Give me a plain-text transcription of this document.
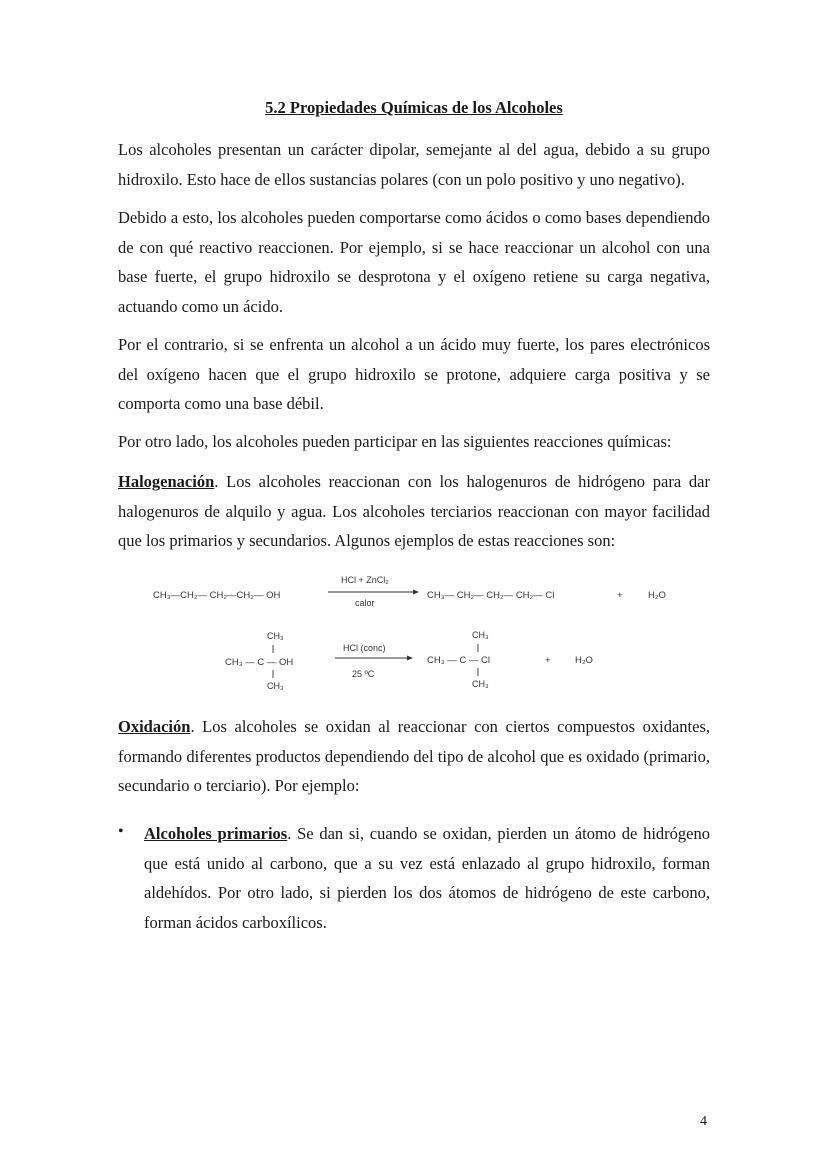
5.2 Propiedades Químicas de los Alcoholes

Los alcoholes presentan un carácter dipolar, semejante al del agua, debido a su grupo hidroxilo. Esto hace de ellos sustancias polares (con un polo positivo y uno negativo).

Debido a esto, los alcoholes pueden comportarse como ácidos o como bases dependiendo de con qué reactivo reaccionen. Por ejemplo, si se hace reaccionar un alcohol con una base fuerte, el grupo hidroxilo se desprotona y el oxígeno retiene su carga negativa, actuando como un ácido.

Por el contrario, si se enfrenta un alcohol a un ácido muy fuerte, los pares electrónicos del oxígeno hacen que el grupo hidroxilo se protone, adquiere carga positiva y se comporta como una base débil.

Por otro lado, los alcoholes pueden participar en las siguientes reacciones químicas:

Halogenación. Los alcoholes reaccionan con los halogenuros de hidrógeno para dar halogenuros de alquilo y agua. Los alcoholes terciarios reaccionan con mayor facilidad que los primarios y secundarios. Algunos ejemplos de estas reacciones son:

CH₃—CH₂— CH₂—CH₂— OH
HCl + ZnCl₂
calor
CH₃— CH₂— CH₂— CH₂— Cl	+	H₂O
CH₃
CH₃ — C — OH
CH₃
HCl (conc)
25 ºC
CH₃
CH₃ — C — Cl
CH₃
+	H₂O

Oxidación. Los alcoholes se oxidan al reaccionar con ciertos compuestos oxidantes, formando diferentes productos dependiendo del tipo de alcohol que es oxidado (primario, secundario o terciario). Por ejemplo:

• Alcoholes primarios. Se dan si, cuando se oxidan, pierden un átomo de hidrógeno que está unido al carbono, que a su vez está enlazado al grupo hidroxilo, forman aldehídos. Por otro lado, si pierden los dos átomos de hidrógeno de este carbono, forman ácidos carboxílicos.

4
